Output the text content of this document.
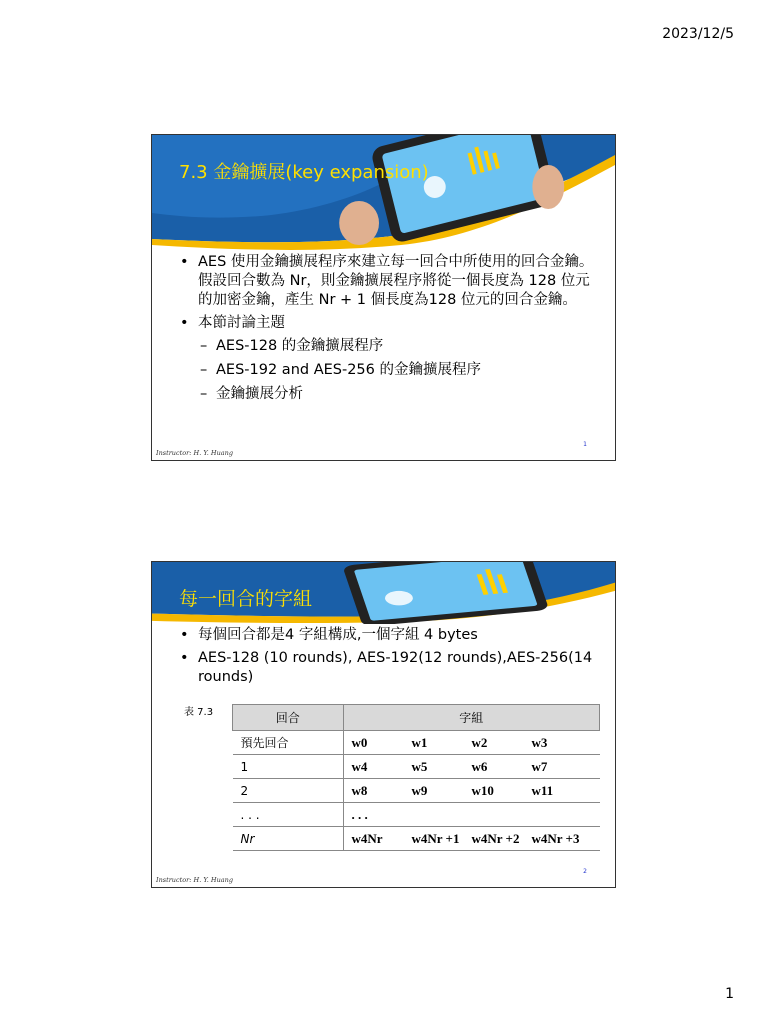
2023/12/5
7.3 金鑰擴展(key expansion)
• AES 使用金鑰擴展程序來建立每一回合中所使用的回合金鑰。假設回合數為 Nr，則金鑰擴展程序將從一個長度為 128 位元的加密金鑰，產生 Nr + 1 個長度為128 位元的回合金鑰。
• 本節討論主題
– AES-128 的金鑰擴展程序
– AES-192 and AES-256 的金鑰擴展程序
– 金鑰擴展分析
Instructor: H. Y. Huang
1
每一回合的字組
• 每個回合都是4 字組構成,一個字組 4 bytes
• AES-128 (10 rounds), AES-192(12 rounds),AES-256(14 rounds)
表 7.3	回合	字組
預先回合	w0 w1 w2 w3
1	w4 w5 w6 w7
2	w8 w9 w10 w11
. . .	. . .
Nr	w4Nr w4Nr +1 w4Nr +2 w4Nr +3
Instructor: H. Y. Huang
2
1
